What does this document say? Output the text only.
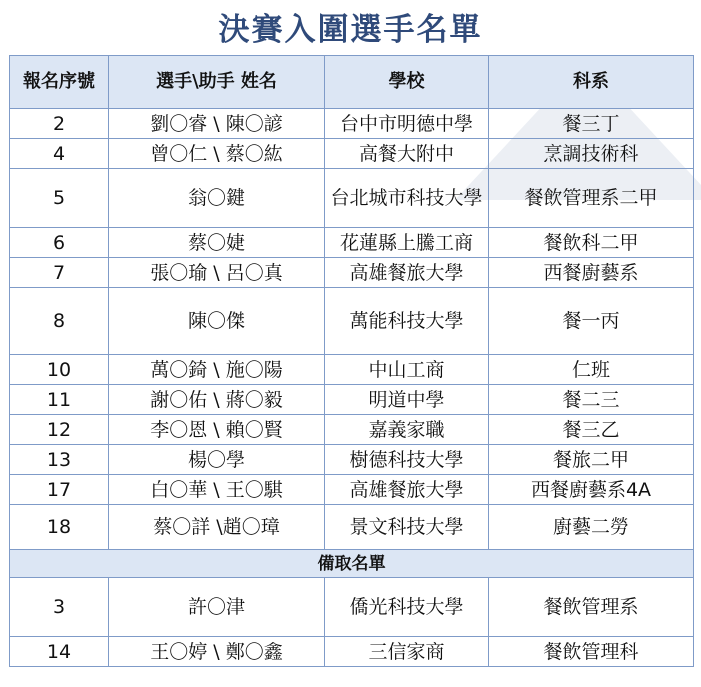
決賽入圍選手名單
報名序號	選手\助手 姓名	學校	科系
2	劉〇睿 \ 陳〇諺	台中市明德中學	餐三丁
4	曾〇仁 \ 蔡〇紘	高餐大附中	烹調技術科
5	翁〇鍵	台北城市科技大學	餐飲管理系二甲
6	蔡〇婕	花蓮縣上騰工商	餐飲科二甲
7	張〇瑜 \ 呂〇真	高雄餐旅大學	西餐廚藝系
8	陳〇傑	萬能科技大學	餐一丙
10	萬〇錡 \ 施〇陽	中山工商	仁班
11	謝〇佑 \ 蔣〇毅	明道中學	餐二三
12	李〇恩 \ 賴〇賢	嘉義家職	餐三乙
13	楊〇學	樹德科技大學	餐旅二甲
17	白〇華 \ 王〇騏	高雄餐旅大學	西餐廚藝系4A
18	蔡〇詳 \趙〇璋	景文科技大學	廚藝二勞
備取名單			
3	許〇津	僑光科技大學	餐飲管理系
14	王〇婷 \ 鄭〇鑫	三信家商	餐飲管理科
